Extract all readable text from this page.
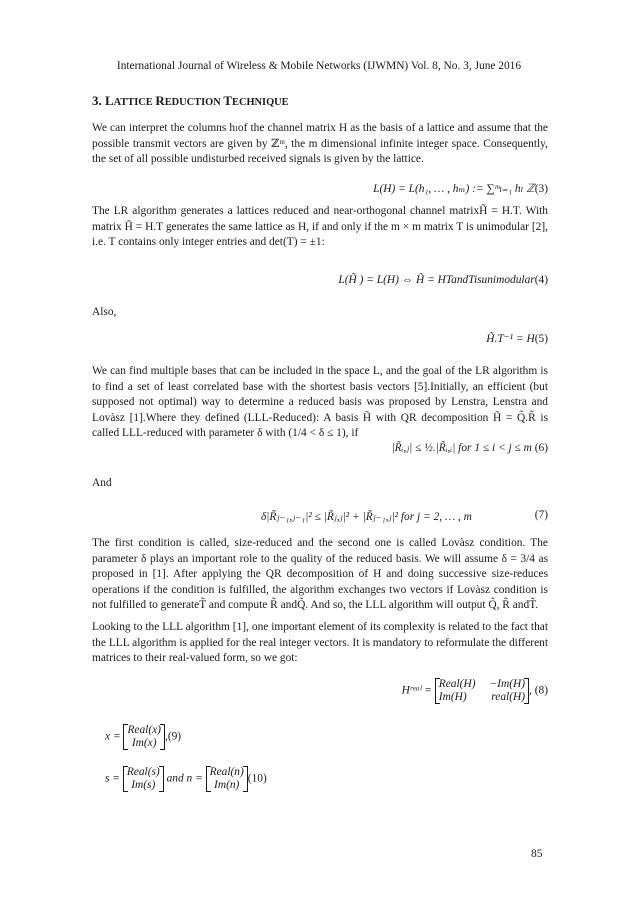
International Journal of Wireless & Mobile Networks (IJWMN) Vol. 8, No. 3, June 2016
3. LATTICE REDUCTION TECHNIQUE

We can interpret the columns hₗof the channel matrix H as the basis of a lattice and assume that the possible transmit vectors are given by ℤᵐ, the m dimensional infinite integer space. Consequently, the set of all possible undisturbed received signals is given by the lattice.

L(H) = L(h₁, … , hₘ) := ∑ᵐₗ₌₁ hₗ ℤ(3)

The LR algorithm generates a lattices reduced and near-orthogonal channel matrixH̃ = H.T. With matrix H̃ = H.T generates the same lattice as H, if and only if the m × m matrix T is unimodular [2], i.e. T contains only integer entries and det(T) = ±1:

L(H̃ ) = L(H) ⇔ H̃ = HTandTisunimodular(4)
Also,
H̃.T⁻¹ = H(5)

We can find multiple bases that can be included in the space L, and the goal of the LR algorithm is to find a set of least correlated base with the shortest basis vectors [5].Initially, an efficient (but supposed not optimal) way to determine a reduced basis was proposed by Lenstra, Lenstra and Lovàsz [1].Where they defined (LLL-Reduced): A basis H̃ with QR decomposition H̃ = Q̃.R̃ is called LLL-reduced with parameter δ with (1/4 < δ ≤ 1), if

|R̃ᵢ,ⱼ| ≤ ½.|R̃ᵢ,ᵢ| for 1 ≤ i < j ≤ m (6)
And
δ|R̃ⱼ₋₁,ⱼ₋₁|² ≤ |R̃ⱼ,ⱼ|² + |R̃ⱼ₋₁,ⱼ|² for j = 2, … , m	(7)

The first condition is called, size-reduced and the second one is called Lovàsz condition. The parameter δ plays an important role to the quality of the reduced basis. We will assume δ = 3/4 as proposed in [1]. After applying the QR decomposition of H and doing successive size-reduces operations if the condition is fulfilled, the algorithm exchanges two vectors if Lovàsz condition is not fulfilled to generateT̃ and compute R̃ andQ̃. And so, the LLL algorithm will output Q̃, R̃ andT̃.

Looking to the LLL algorithm [1], one important element of its complexity is related to the fact that the LLL algorithm is applied for the real integer vectors. It is mandatory to reformulate the different matrices to their real-valued form, so we got:

Hʳᵉᵃˡ =
Real(H) −Im(H)
Im(H) real(H)
, (8)
x =
Real(x)
Im(x)
,(9)
s =
Real(s)
Im(s)
and n =
Real(n)
Im(n)
(10)
85
